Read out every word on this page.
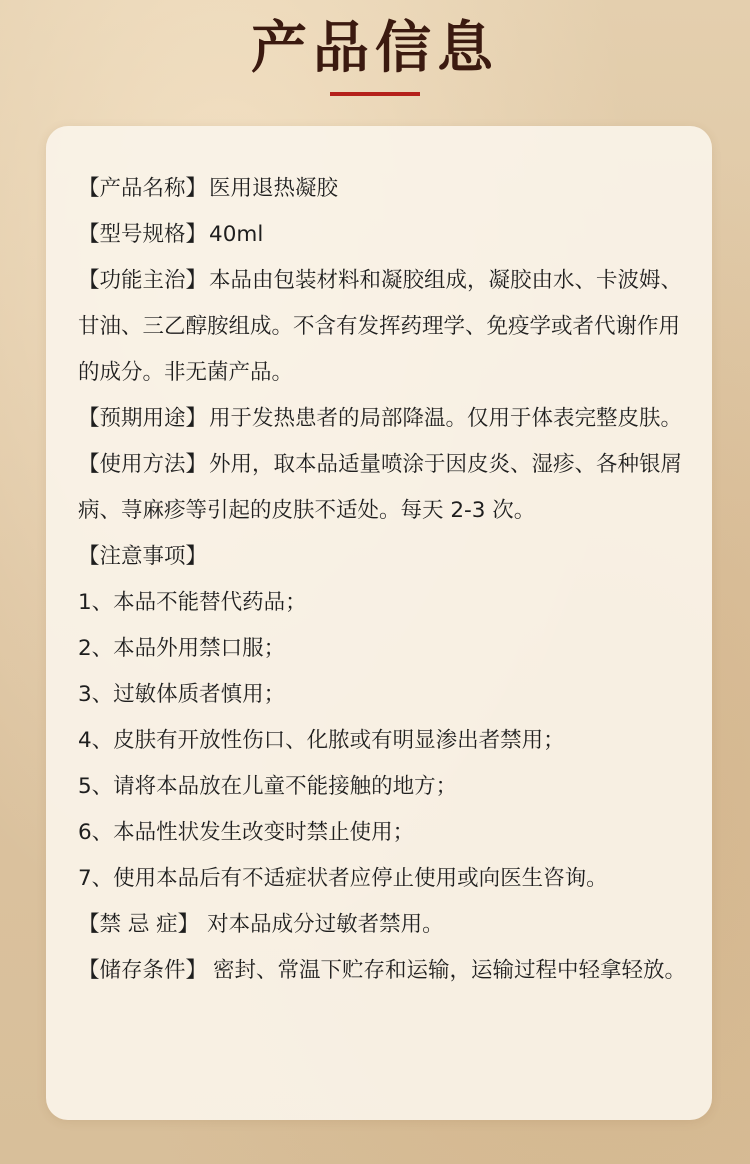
产品信息
【产品名称】医用退热凝胶
【型号规格】40ml
【功能主治】本品由包装材料和凝胶组成，凝胶由水、卡波姆、甘油、三乙醇胺组成。不含有发挥药理学、免疫学或者代谢作用的成分。非无菌产品。
【预期用途】用于发热患者的局部降温。仅用于体表完整皮肤。
【使用方法】外用，取本品适量喷涂于因皮炎、湿疹、各种银屑病、荨麻疹等引起的皮肤不适处。每天 2-3 次。
【注意事项】
1、本品不能替代药品；
2、本品外用禁口服；
3、过敏体质者慎用；
4、皮肤有开放性伤口、化脓或有明显渗出者禁用；
5、请将本品放在儿童不能接触的地方；
6、本品性状发生改变时禁止使用；
7、使用本品后有不适症状者应停止使用或向医生咨询。
【禁 忌 症】 对本品成分过敏者禁用。
【储存条件】 密封、常温下贮存和运输，运输过程中轻拿轻放。
